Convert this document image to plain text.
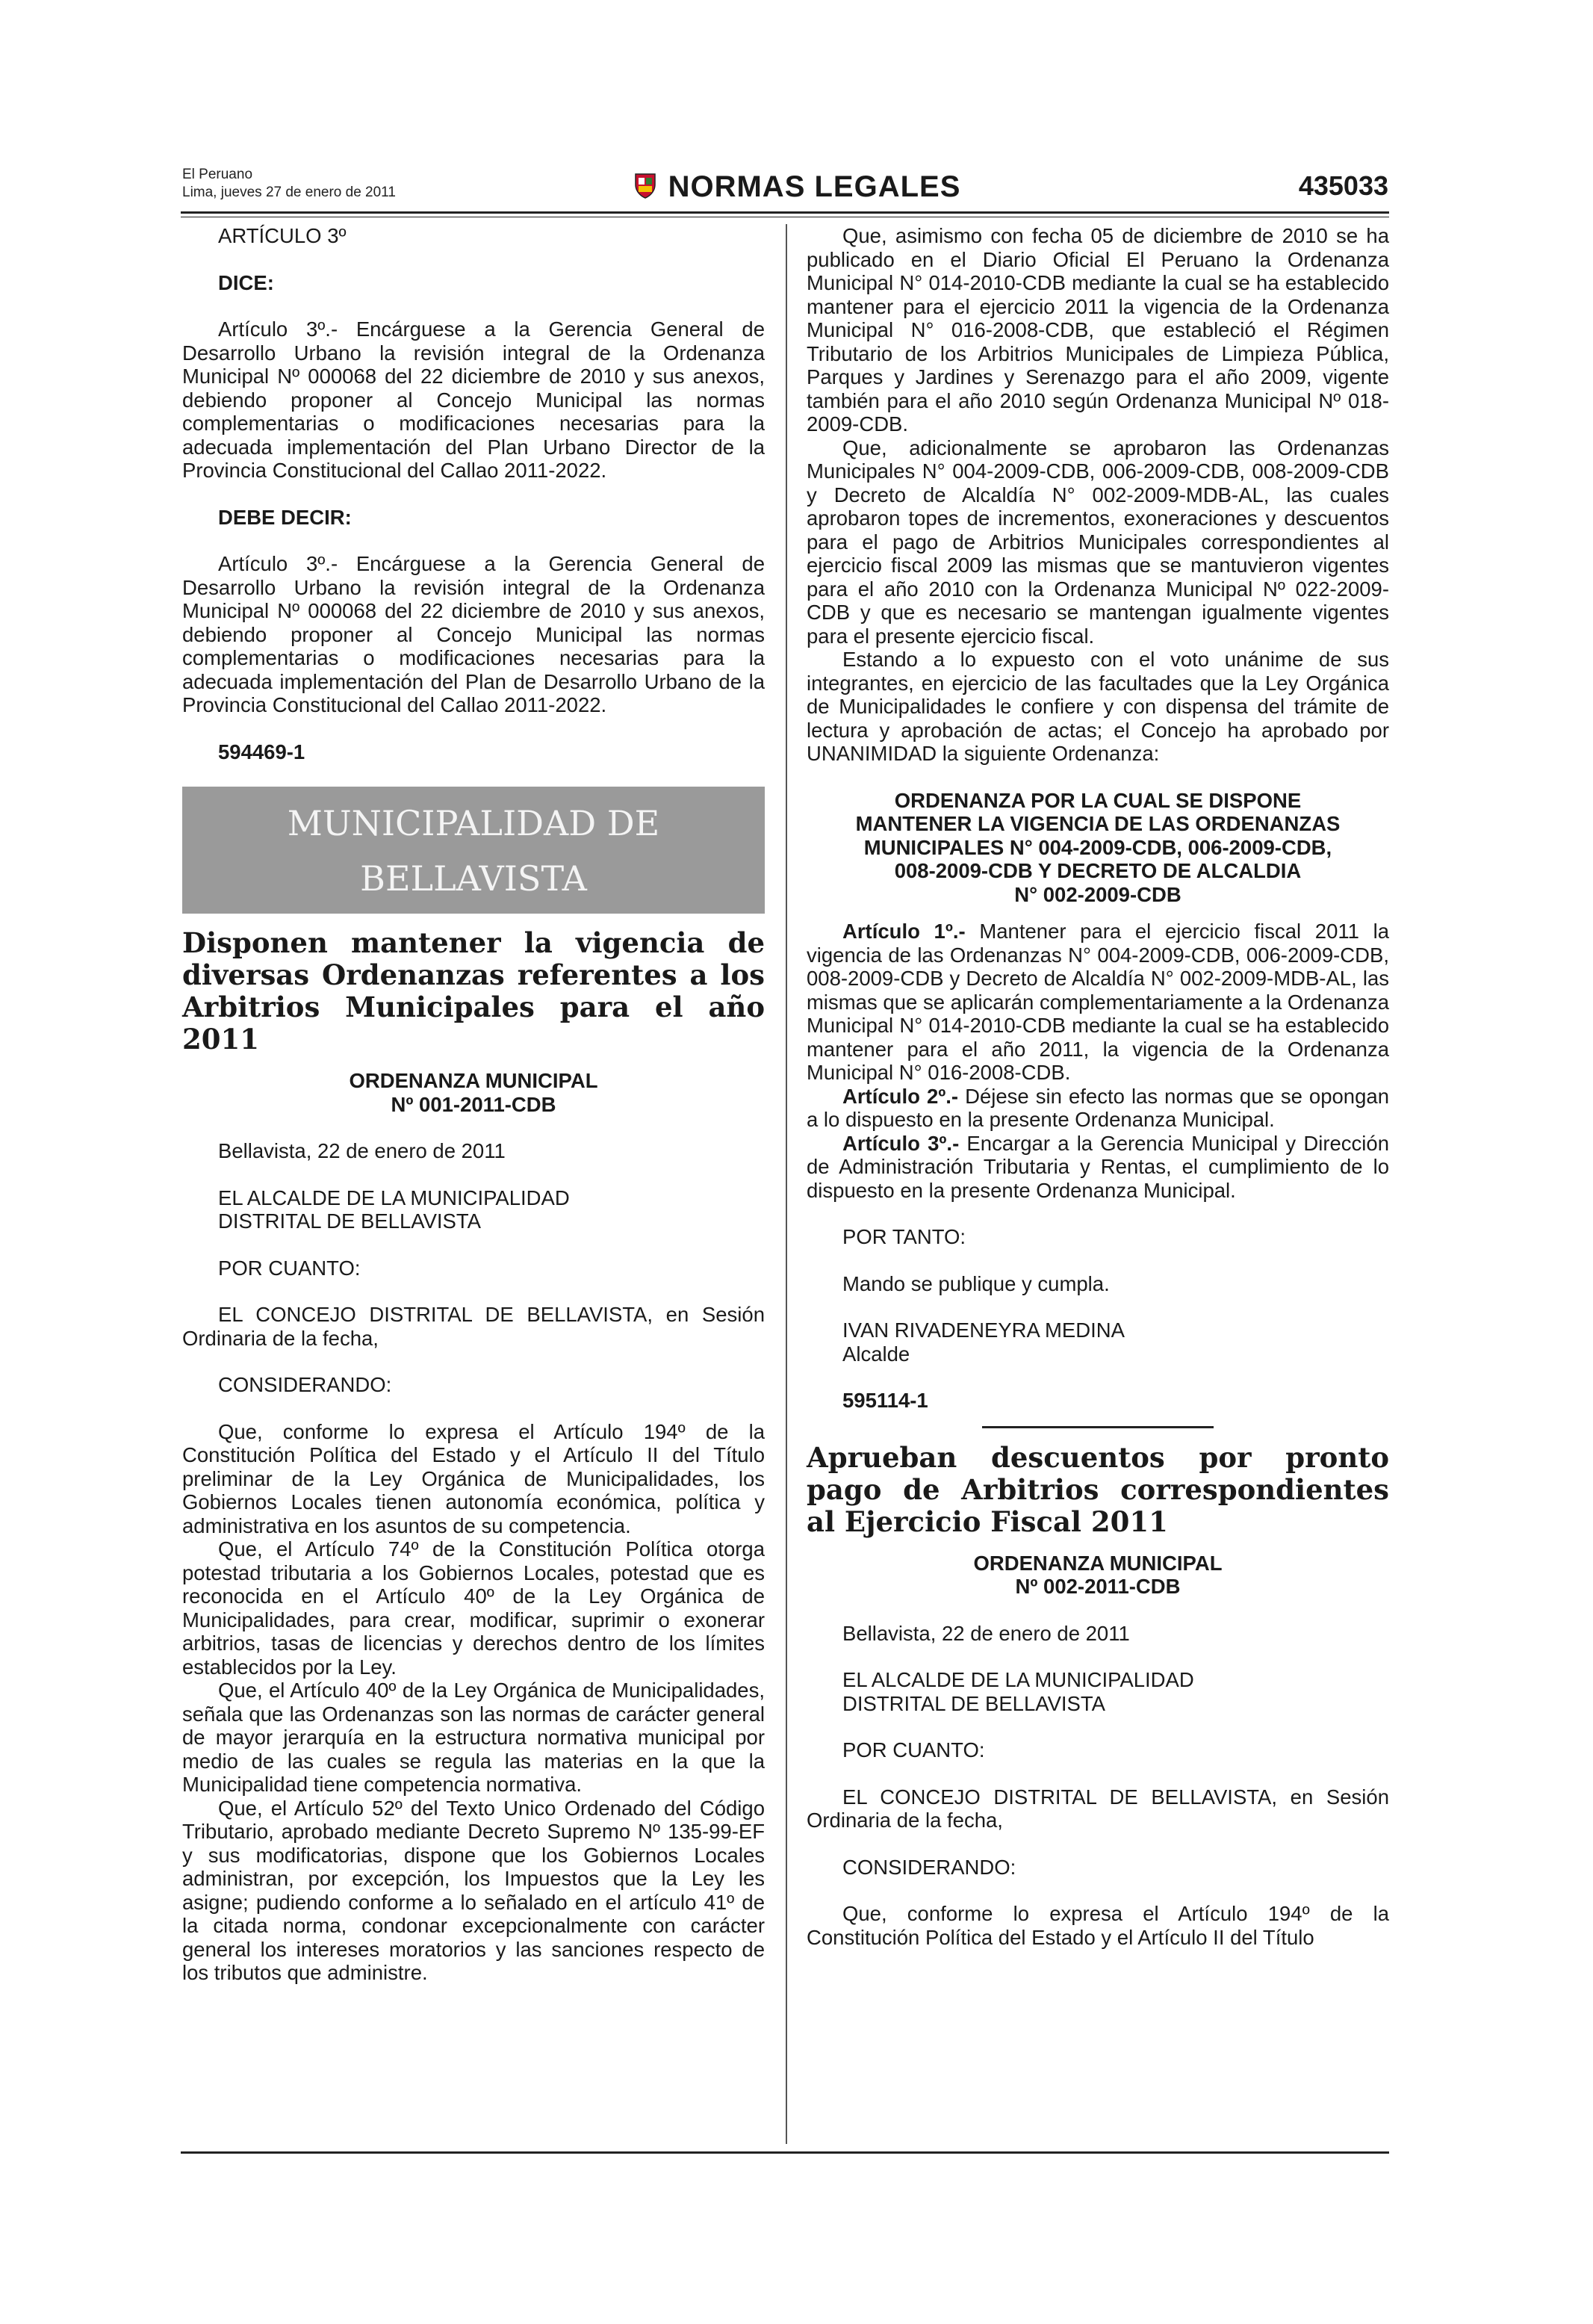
El Peruano
Lima, jueves 27 de enero de 2011	NORMAS LEGALES	435033

ARTÍCULO 3º

DICE:

Artículo 3º.- Encárguese a la Gerencia General de Desarrollo Urbano la revisión integral de la Ordenanza Municipal Nº 000068 del 22 diciembre de 2010 y sus anexos, debiendo proponer al Concejo Municipal las normas complementarias o modificaciones necesarias para la adecuada implementación del Plan Urbano Director de la Provincia Constitucional del Callao 2011-2022.

DEBE DECIR:

Artículo 3º.- Encárguese a la Gerencia General de Desarrollo Urbano la revisión integral de la Ordenanza Municipal Nº 000068 del 22 diciembre de 2010 y sus anexos, debiendo proponer al Concejo Municipal las normas complementarias o modificaciones necesarias para la adecuada implementación del Plan de Desarrollo Urbano de la Provincia Constitucional del Callao 2011-2022.

594469-1

MUNICIPALIDAD DE
BELLAVISTA
Disponen mantener la vigencia de diversas Ordenanzas referentes a los Arbitrios Municipales para el año 2011

ORDENANZA MUNICIPAL

Nº 001-2011-CDB

Bellavista, 22 de enero de 2011

EL ALCALDE DE LA MUNICIPALIDAD

DISTRITAL DE BELLAVISTA

POR CUANTO:

EL CONCEJO DISTRITAL DE BELLAVISTA, en Sesión Ordinaria de la fecha,

CONSIDERANDO:

Que, conforme lo expresa el Artículo 194º de la Constitución Política del Estado y el Artículo II del Título preliminar de la Ley Orgánica de Municipalidades, los Gobiernos Locales tienen autonomía económica, política y administrativa en los asuntos de su competencia.

Que, el Artículo 74º de la Constitución Política otorga potestad tributaria a los Gobiernos Locales, potestad que es reconocida en el Artículo 40º de la Ley Orgánica de Municipalidades, para crear, modificar, suprimir o exonerar arbitrios, tasas de licencias y derechos dentro de los límites establecidos por la Ley.

Que, el Artículo 40º de la Ley Orgánica de Municipalidades, señala que las Ordenanzas son las normas de carácter general de mayor jerarquía en la estructura normativa municipal por medio de las cuales se regula las materias en la que la Municipalidad tiene competencia normativa.

Que, el Artículo 52º del Texto Unico Ordenado del Código Tributario, aprobado mediante Decreto Supremo Nº 135-99-EF y sus modificatorias, dispone que los Gobiernos Locales administran, por excepción, los Impuestos que la Ley les asigne; pudiendo conforme a lo señalado en el artículo 41º de la citada norma, condonar excepcionalmente con carácter general los intereses moratorios y las sanciones respecto de los tributos que administre.

Que, asimismo con fecha 05 de diciembre de 2010 se ha publicado en el Diario Oficial El Peruano la Ordenanza Municipal N° 014-2010-CDB mediante la cual se ha establecido mantener para el ejercicio 2011 la vigencia de la Ordenanza Municipal N° 016-2008-CDB, que estableció el Régimen Tributario de los Arbitrios Municipales de Limpieza Pública, Parques y Jardines y Serenazgo para el año 2009, vigente también para el año 2010 según Ordenanza Municipal Nº 018-2009-CDB.

Que, adicionalmente se aprobaron las Ordenanzas Municipales N° 004-2009-CDB, 006-2009-CDB, 008-2009-CDB y Decreto de Alcaldía N° 002-2009-MDB-AL, las cuales aprobaron topes de incrementos, exoneraciones y descuentos para el pago de Arbitrios Municipales correspondientes al ejercicio fiscal 2009 las mismas que se mantuvieron vigentes para el año 2010 con la Ordenanza Municipal Nº 022-2009-CDB y que es necesario se mantengan igualmente vigentes para el presente ejercicio fiscal.

Estando a lo expuesto con el voto unánime de sus integrantes, en ejercicio de las facultades que la Ley Orgánica de Municipalidades le confiere y con dispensa del trámite de lectura y aprobación de actas; el Concejo ha aprobado por UNANIMIDAD la siguiente Ordenanza:

ORDENANZA POR LA CUAL SE DISPONE
MANTENER LA VIGENCIA DE LAS ORDENANZAS
MUNICIPALES N° 004-2009-CDB, 006-2009-CDB,
008-2009-CDB Y DECRETO DE ALCALDIA
N° 002-2009-CDB

Artículo 1º.- Mantener para el ejercicio fiscal 2011 la vigencia de las Ordenanzas N° 004-2009-CDB, 006-2009-CDB, 008-2009-CDB y Decreto de Alcaldía N° 002-2009-MDB-AL, las mismas que se aplicarán complementariamente a la Ordenanza Municipal N° 014-2010-CDB mediante la cual se ha establecido mantener para el año 2011, la vigencia de la Ordenanza Municipal N° 016-2008-CDB.

Artículo 2º.- Déjese sin efecto las normas que se opongan a lo dispuesto en la presente Ordenanza Municipal.

Artículo 3º.- Encargar a la Gerencia Municipal y Dirección de Administración Tributaria y Rentas, el cumplimiento de lo dispuesto en la presente Ordenanza Municipal.

POR TANTO:

Mando se publique y cumpla.

IVAN RIVADENEYRA MEDINA

Alcalde

595114-1

Aprueban descuentos por pronto pago de Arbitrios correspondientes al Ejercicio Fiscal 2011

ORDENANZA MUNICIPAL

Nº 002-2011-CDB

Bellavista, 22 de enero de 2011

EL ALCALDE DE LA MUNICIPALIDAD

DISTRITAL DE BELLAVISTA

POR CUANTO:

EL CONCEJO DISTRITAL DE BELLAVISTA, en Sesión Ordinaria de la fecha,

CONSIDERANDO:

Que, conforme lo expresa el Artículo 194º de la Constitución Política del Estado y el Artículo II del Título
